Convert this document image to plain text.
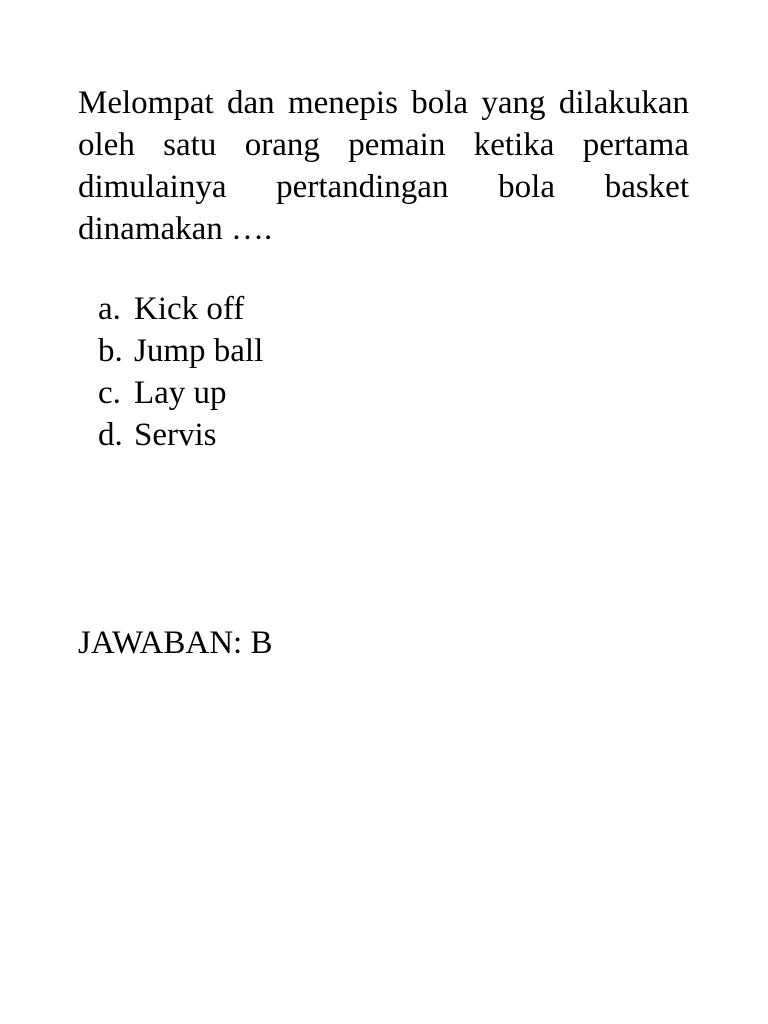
Melompat dan menepis bola yang dilakukan oleh satu orang pemain ketika pertama dimulainya pertandingan bola basket dinamakan ….

a. Kick off
b. Jump ball
c. Lay up
d. Servis

JAWABAN: B
